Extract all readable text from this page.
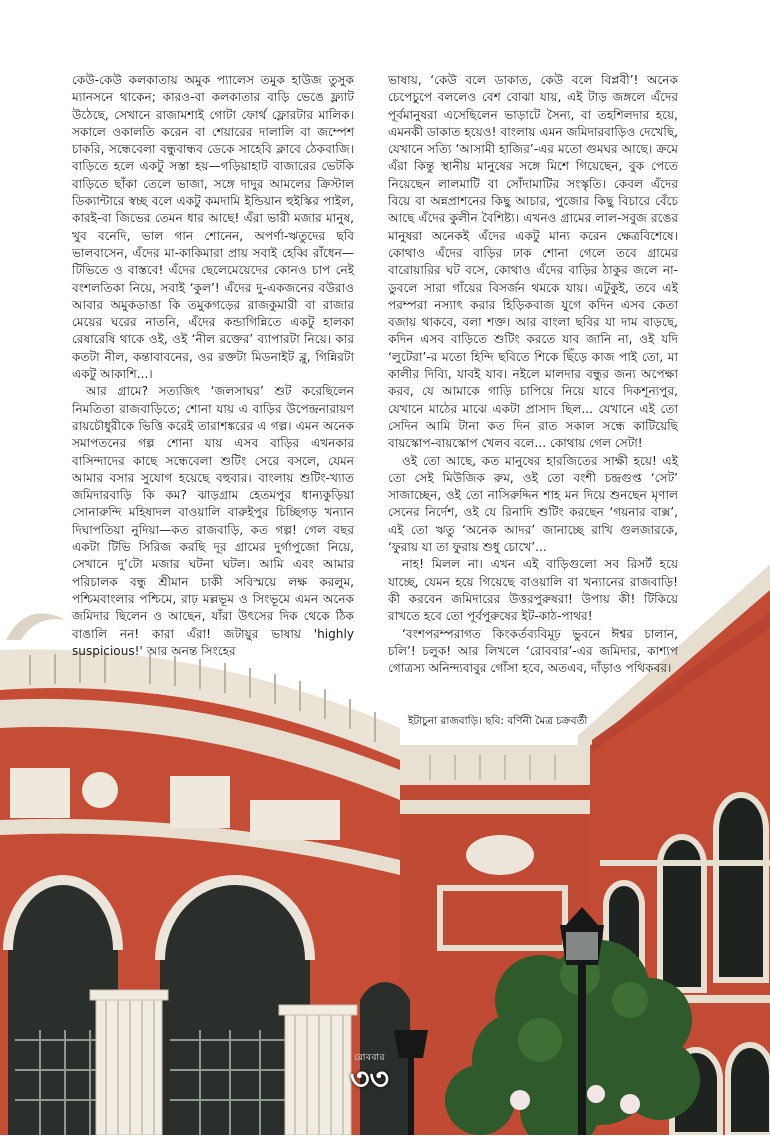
কেউ-কেউ কলকাতায় অমুক প্যালেস তমুক হাউজ তুসুক ম্যানসনে থাকেন; কারও-বা কলকাতার বাড়ি ভেঙে ফ্ল্যাট উঠেছে, সেখানে রাজামশাই গোটা ফোর্থ ফ্লোরটার মালিক। সকালে ওকালতি করেন বা শেয়ারের দালালি বা জম্পেশ চাকরি, সন্ধেবেলা বন্ধুবান্ধব ডেকে সাহেবি ক্লাবে ঠেকবাজি। বাড়িতে হলে একটু সস্তা হয়—গড়িয়াহাট বাজারের ভেটকি বাড়িতে ছাঁকা তেলে ভাজা, সঙ্গে দাদুর আমলের ক্রিস্টাল ডিক্যান্টারে স্বচ্ছ বলে একটু কমদামি ইন্ডিয়ান হুইস্কির পাইল, কারই-বা জিভের তেমন ধার আছে! এঁরা ভারী মজার মানুষ, খুব বনেদি, ভাল গান শোনেন, অপর্ণা-ঋতুদের ছবি ভালবাসেন, এঁদের মা-কাকিমারা প্রায় সবাই হেব্বি রাঁধেন—টিভিতে ও বাস্তবে! এঁদের ছেলেমেয়েদের কোনও চাপ নেই বংশলতিকা নিয়ে, সবাই ‘কুল’! এঁদের দু-একজনের বউরাও আবার অমুকডাঙা কি তমুকগড়ের রাজকুমারী বা রাজার মেয়ের ঘরের নাতনি, এঁদের কন্ডাগিন্নিতে একটু হালকা রেষারেষি থাকে ওই, ওই ‘নীল রক্তের’ ব্যাপারটা নিয়ে। কার কতটা নীল, কন্তাবাবনের, ওর রক্তটা মিডনাইট ব্লু, গিন্নিরটা একটু আকাশি...।

আর গ্রামে? সত্যজিৎ ‘জলসাঘর’ শুট করেছিলেন নিমতিতা রাজবাড়িতে; শোনা যায় এ বাড়ির উপেন্দ্রনারায়ণ রায়চৌধুরীকে ভিত্তি করেই তারাশঙ্করের এ গল্প। এমন অনেক সমাপতনের গল্প শোনা যায় এসব বাড়ির এখনকার বাসিন্দাদের কাছে সন্ধেবেলা শুটিং সেরে বসলে, যেমন আমার বসার সুযোগ হয়েছে বহুবার। বাংলায় শুটিং-খ্যাত জমিদারবাড়ি কি কম? ঝাড়গ্রাম হেতমপুর ধান্যকুড়িয়া সোনারুন্দি মহিষাদল বাওয়ালি বারুইপুর চিচ্ছিগড় খন্যান দিঘাপতিয়া নুদিয়া—কত রাজবাড়ি, কত গল্প! গেল বছর একটা টিভি সিরিজ করছি দূর গ্রামের দুর্গাপুজো নিয়ে, সেখানে দু’টো মজার ঘটনা ঘটল। আমি এবং আমার পরিচালক বন্ধু শ্রীমান চাকী সবিস্ময়ে লক্ষ করলুম, পশ্চিমবাংলার পশ্চিমে, রাঢ় মল্লভূম ও সিংভূমে এমন অনেক জমিদার ছিলেন ও আছেন, যাঁরা উৎসের দিক থেকে ঠিক বাঙালি নন! কারা এঁরা! জটায়ুর ভাষায় 'highly suspicious!' আর অনন্ত সিংহের

ভাষায়, ‘কেউ বলে ডাকাত, কেউ বলে বিপ্লবী’! অনেক চেপেচুপে বললেও বেশ বোঝা যায়, এই টাড় জঙ্গলে এঁদের পূর্বমানুষরা এসেছিলেন ভাড়াটে সৈন্য, বা তহশিলদার হয়ে, এমনকী ডাকাত হয়েও! বাংলায় এমন জমিদারবাড়িও দেখেছি, যেখানে সত্যি ‘আসামী হাজির’-এর মতো গুমঘর আছে। ক্রমে এঁরা কিন্তু স্থানীয় মানুষের সঙ্গে মিশে গিয়েছেন, বুক পেতে নিয়েছেন লালমাটি বা সোঁদামাটির সংস্কৃতি। কেবল এঁদের বিয়ে বা অন্নপ্রাশনের কিছু আচার, পুজোর কিছু বিচারে বেঁচে আছে এঁদের কুলীন বৈশিষ্ট্য। এখনও গ্রামের লাল-সবুজ রঙের মানুষরা অনেকই এঁদের একটু মান্য করেন ক্ষেত্রবিশেষে। কোথাও এঁদের বাড়ির ঢাক শোনা গেলে তবে গ্রামের বারোয়ারির ঘট বসে, কোথাও এঁদের বাড়ির ঠাকুর জলে না-ডুবলে সারা গাঁয়ের বিসর্জন থমকে যায়। এটুকুই, তবে এই পরম্পরা নস্যাৎ করার হিড়িকবাজ যুগে কদিন এসব কেতা বজায় থাকবে, বলা শক্ত। আর বাংলা ছবির যা দাম বাড়ছে, কদিন এসব বাড়িতে শুটিং করতে যাব জানি না, ওই যদি ‘লুটেরা’-র মতো হিন্দি ছবিতে শিকে ছিঁড়ে কাজ পাই তো, মা কালীর দিব্যি, যাবই যাব। নইলে মালদার বন্ধুর জন্য অপেক্ষা করব, যে আমাকে গাড়ি চাপিয়ে নিয়ে যাবে দিকশূন্যপুর, যেখানে মাঠের মাঝে একটা প্রাসাদ ছিল... যেখানে এই তো সেদিন আমি টানা কত দিন রাত সকাল সন্ধে কাটিয়েছি বায়স্কোপ-বায়স্কোপ খেলব বলে... কোথায় গেল সেটা!

ওই তো আছে, কত মানুষের হারজিতের সাক্ষী হয়ে! এই তো সেই মিউজিক রুম, ওই তো বংশী চন্দ্রগুপ্ত ‘সেট’ সাজাচ্ছেন, ওই তো নাসিরুদ্দিন শাহ মন দিয়ে শুনছেন মৃণাল সেনের নির্দেশ, ওই যে রিনাদি শুটিং করছেন ‘গয়নার বাক্স’, এই তো ঋতু ‘অনেক আদর’ জানাচ্ছে রাখি গুলজারকে, ‘ফুরায় যা তা ফুরায় শুধু চোখে’...

নাহ! মিলল না। এখন এই বাড়িগুলো সব রিসর্ট হয়ে যাচ্ছে, যেমন হয়ে গিয়েছে বাওয়ালি বা খন্যানের রাজবাড়ি! কী করবেন জমিদারের উত্তরপুরুষরা! উপায় কী! টিকিয়ে রাখতে হবে তো পূর্বপুরুষের ইট-কাঠ-পাথর!

‘বংশপরম্পরাগত কিংকর্তব্যবিমূঢ় ভুবনে ঈশ্বর চালান, চলি’! চলুক! আর লিখলে ‘রোববার’-এর জমিদার, কাশ্যপ গোত্রস্য অনিন্দ্যবাবুর গোঁসা হবে, অতএব, দাঁড়াও পথিকবর।

ইটাচুনা রাজবাড়ি। ছবি: বর্ণিনী মৈত্র চক্রবর্তী
রোববার
৩৩
